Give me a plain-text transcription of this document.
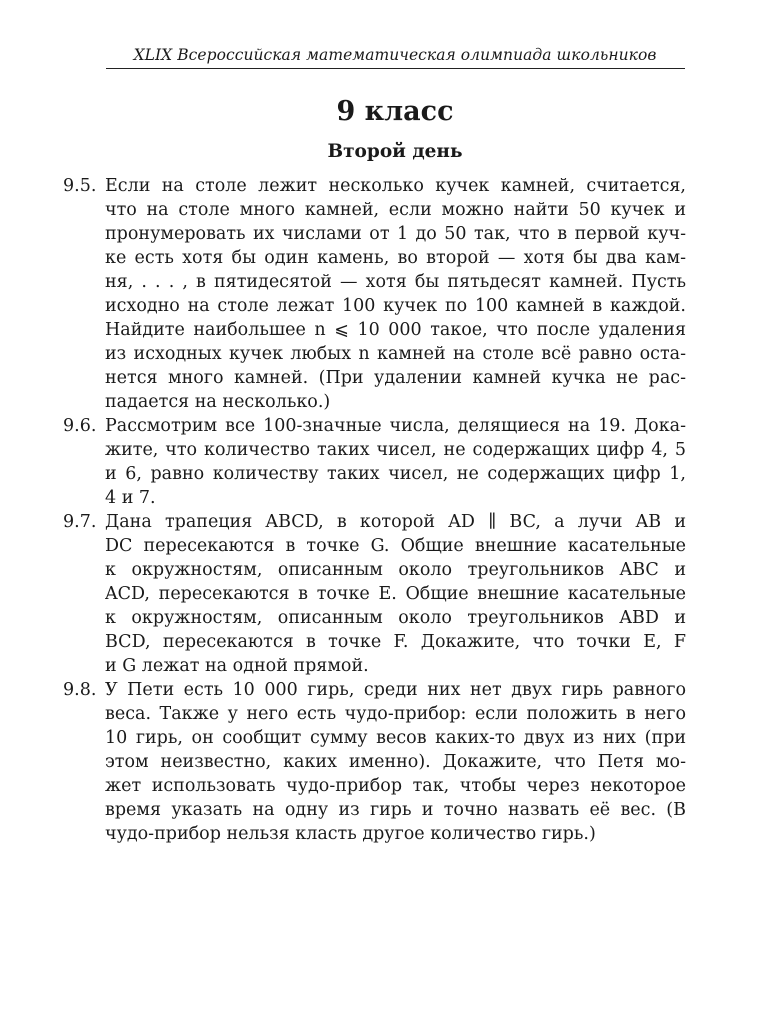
XLIX Всероссийская математическая олимпиада школьников
9 класс
Второй день
9.5. Если на столе лежит несколько кучек камней, считается,
что на столе много камней, если можно найти 50 кучек и
пронумеровать их числами от 1 до 50 так, что в первой куч-
ке есть хотя бы один камень, во второй — хотя бы два кам-
ня, . . . , в пятидесятой — хотя бы пятьдесят камней. Пусть
исходно на столе лежат 100 кучек по 100 камней в каждой.
Найдите наибольшее n ⩽ 10 000 такое, что после удаления
из исходных кучек любых n камней на столе всё равно оста-
нется много камней. (При удалении камней кучка не рас-
падается на несколько.)
9.6. Рассмотрим все 100-значные числа, делящиеся на 19. Дока-
жите, что количество таких чисел, не содержащих цифр 4, 5
и 6, равно количеству таких чисел, не содержащих цифр 1,
4 и 7.
9.7. Дана трапеция ABCD, в которой AD ∥ BC, а лучи AB и
DC пересекаются в точке G. Общие внешние касательные
к окружностям, описанным около треугольников ABC и
ACD, пересекаются в точке E. Общие внешние касательные
к окружностям, описанным около треугольников ABD и
BCD, пересекаются в точке F. Докажите, что точки E, F
и G лежат на одной прямой.
9.8. У Пети есть 10 000 гирь, среди них нет двух гирь равного
веса. Также у него есть чудо-прибор: если положить в него
10 гирь, он сообщит сумму весов каких-то двух из них (при
этом неизвестно, каких именно). Докажите, что Петя мо-
жет использовать чудо-прибор так, чтобы через некоторое
время указать на одну из гирь и точно назвать её вес. (В
чудо-прибор нельзя класть другое количество гирь.)
